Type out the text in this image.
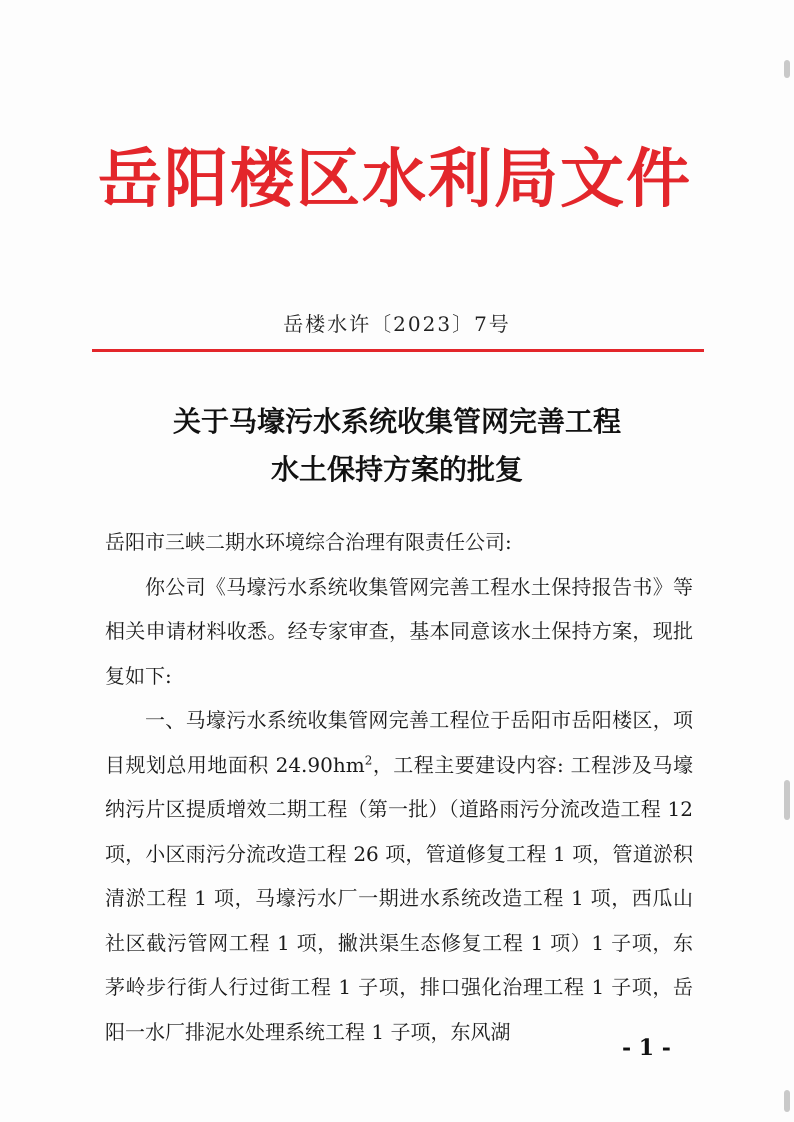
岳阳楼区水利局文件
岳楼水许〔2023〕7号
关于马壕污水系统收集管网完善工程
水土保持方案的批复

岳阳市三峡二期水环境综合治理有限责任公司:

你公司《马壕污水系统收集管网完善工程水土保持报告书》等相关申请材料收悉。经专家审查，基本同意该水土保持方案，现批复如下:

一、马壕污水系统收集管网完善工程位于岳阳市岳阳楼区，项目规划总用地面积 $24.90hm^2$，工程主要建设内容: 工程涉及马壕纳污片区提质增效二期工程（第一批）（道路雨污分流改造工程 12 项，小区雨污分流改造工程 26 项，管道修复工程 1 项，管道淤积清淤工程 1 项，马壕污水厂一期进水系统改造工程 1 项，西瓜山社区截污管网工程 1 项，撇洪渠生态修复工程 1 项）1 子项，东茅岭步行街人行过街工程 1 子项，排口强化治理工程 1 子项，岳阳一水厂排泥水处理系统工程 1 子项，东风湖

- 1 -
